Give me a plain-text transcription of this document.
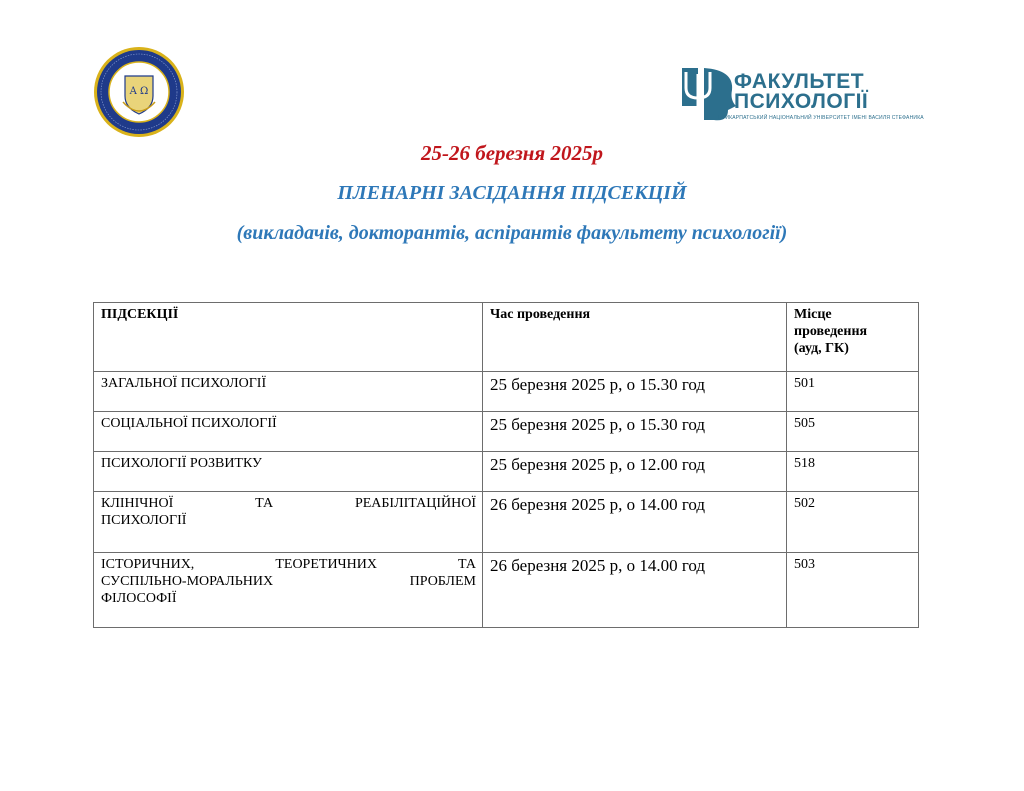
A Ω	ФАКУЛЬТЕТ
ПСИХОЛОГІЇ
ПРИКАРПАТСЬКИЙ НАЦІОНАЛЬНИЙ УНІВЕРСИТЕТ ІМЕНІ ВАСИЛЯ СТЕФАНИКА
25-26 березня 2025р
ПЛЕНАРНІ ЗАСІДАННЯ ПІДСЕКЦІЙ
(викладачів, докторантів, аспірантів факультету психології)
ПІДСЕКЦІЇ	Час проведення	Місце
проведення
(ауд, ГК)

ЗАГАЛЬНОЇ ПСИХОЛОГІЇ	25 березня 2025 р, о 15.30 год	501
СОЦІАЛЬНОЇ ПСИХОЛОГІЇ	25 березня 2025 р, о 15.30 год	505
ПСИХОЛОГІЇ РОЗВИТКУ	25 березня 2025 р, о 12.00 год	518

КЛІНІЧНОЇ ТА РЕАБІЛІТАЦІЙНОЇ
ПСИХОЛОГІЇ	26 березня 2025 р, о 14.00 год	502

ІСТОРИЧНИХ, ТЕОРЕТИЧНИХ ТА
СУСПІЛЬНО-МОРАЛЬНИХ ПРОБЛЕМ
ФІЛОСОФІЇ	26 березня 2025 р, о 14.00 год	503
